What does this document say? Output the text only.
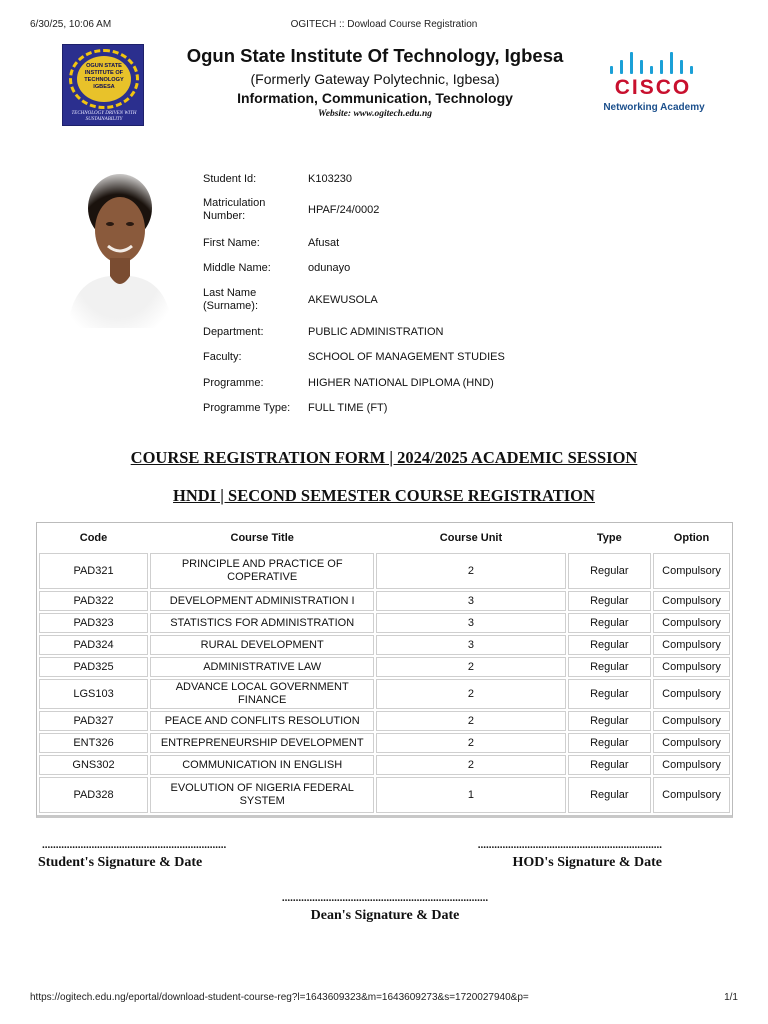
6/30/25, 10:06 AM	OGITECH :: Dowload Course Registration
OGUN STATE INSTITUTE OF TECHNOLOGY IGBESA
TECHNOLOGY DRIVEN WITH SUSTAINABILITY
Ogun State Institute Of Technology, Igbesa
(Formerly Gateway Polytechnic, Igbesa)
Information, Communication, Technology
Website: www.ogitech.edu.ng
CISCO
Networking Academy
Student Id:	K103230
Matriculation Number:	HPAF/24/0002
First Name:	Afusat
Middle Name:	odunayo
Last Name (Surname):	AKEWUSOLA
Department:	PUBLIC ADMINISTRATION
Faculty:	SCHOOL OF MANAGEMENT STUDIES
Programme:	HIGHER NATIONAL DIPLOMA (HND)
Programme Type:	FULL TIME (FT)
COURSE REGISTRATION FORM | 2024/2025 ACADEMIC SESSION
HNDI | SECOND SEMESTER COURSE REGISTRATION
Code	Course Title	Course Unit	Type	Option
PAD321	PRINCIPLE AND PRACTICE OF COPERATIVE	2	Regular	Compulsory
PAD322	DEVELOPMENT ADMINISTRATION I	3	Regular	Compulsory
PAD323	STATISTICS FOR ADMINISTRATION	3	Regular	Compulsory
PAD324	RURAL DEVELOPMENT	3	Regular	Compulsory
PAD325	ADMINISTRATIVE LAW	2	Regular	Compulsory
LGS103	ADVANCE LOCAL GOVERNMENT FINANCE	2	Regular	Compulsory
PAD327	PEACE AND CONFLITS RESOLUTION	2	Regular	Compulsory
ENT326	ENTREPRENEURSHIP DEVELOPMENT	2	Regular	Compulsory
GNS302	COMMUNICATION IN ENGLISH	2	Regular	Compulsory
PAD328	EVOLUTION OF NIGERIA FEDERAL SYSTEM	1	Regular	Compulsory
...................................................................
Student's Signature & Date
...................................................................
HOD's Signature & Date
...........................................................................
Dean's Signature & Date
https://ogitech.edu.ng/eportal/download-student-course-reg?l=1643609323&m=1643609273&s=1720027940&p=	1/1
